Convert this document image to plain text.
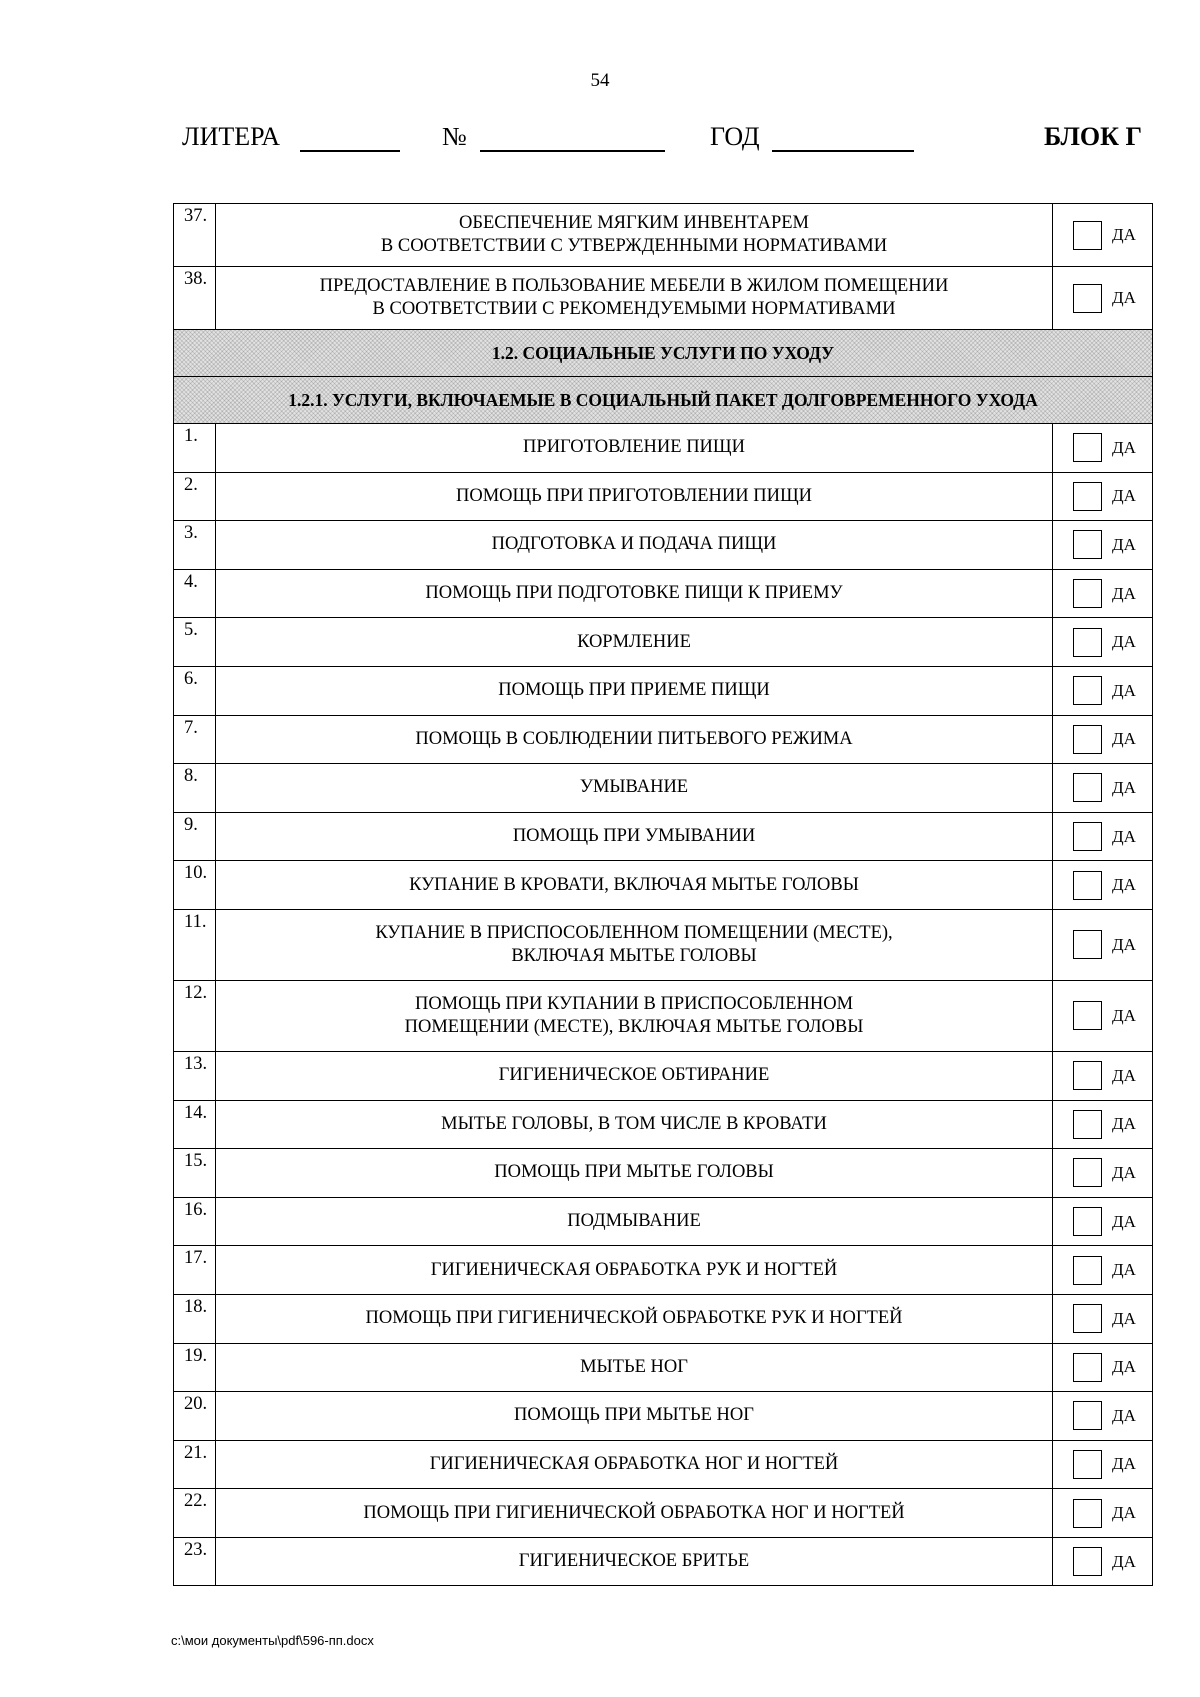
54
ЛИТЕРА	№	ГОД	БЛОК Г
37.	ОБЕСПЕЧЕНИЕ МЯГКИМ ИНВЕНТАРЕМ
В СООТВЕТСТВИИ С УТВЕРЖДЕННЫМИ НОРМАТИВАМИ	ДА

38.	ПРЕДОСТАВЛЕНИЕ В ПОЛЬЗОВАНИЕ МЕБЕЛИ В ЖИЛОМ ПОМЕЩЕНИИ
В СООТВЕТСТВИИ С РЕКОМЕНДУЕМЫМИ НОРМАТИВАМИ	ДА

1.2. СОЦИАЛЬНЫЕ УСЛУГИ ПО УХОДУ		
1.2.1. УСЛУГИ, ВКЛЮЧАЕМЫЕ В СОЦИАЛЬНЫЙ ПАКЕТ ДОЛГОВРЕМЕННОГО УХОДА		
1.	ПРИГОТОВЛЕНИЕ ПИЩИ	ДА

2.	ПОМОЩЬ ПРИ ПРИГОТОВЛЕНИИ ПИЩИ	ДА

3.	ПОДГОТОВКА И ПОДАЧА ПИЩИ	ДА

4.	ПОМОЩЬ ПРИ ПОДГОТОВКЕ ПИЩИ К ПРИЕМУ	ДА

5.	КОРМЛЕНИЕ	ДА

6.	ПОМОЩЬ ПРИ ПРИЕМЕ ПИЩИ	ДА

7.	ПОМОЩЬ В СОБЛЮДЕНИИ ПИТЬЕВОГО РЕЖИМА	ДА

8.	УМЫВАНИЕ	ДА

9.	ПОМОЩЬ ПРИ УМЫВАНИИ	ДА

10.	КУПАНИЕ В КРОВАТИ, ВКЛЮЧАЯ МЫТЬЕ ГОЛОВЫ	ДА

11.	КУПАНИЕ В ПРИСПОСОБЛЕННОМ ПОМЕЩЕНИИ (МЕСТЕ),
ВКЛЮЧАЯ МЫТЬЕ ГОЛОВЫ	ДА

12.	ПОМОЩЬ ПРИ КУПАНИИ В ПРИСПОСОБЛЕННОМ
ПОМЕЩЕНИИ (МЕСТЕ), ВКЛЮЧАЯ МЫТЬЕ ГОЛОВЫ	ДА

13.	ГИГИЕНИЧЕСКОЕ ОБТИРАНИЕ	ДА

14.	МЫТЬЕ ГОЛОВЫ, В ТОМ ЧИСЛЕ В КРОВАТИ	ДА

15.	ПОМОЩЬ ПРИ МЫТЬЕ ГОЛОВЫ	ДА

16.	ПОДМЫВАНИЕ	ДА

17.	ГИГИЕНИЧЕСКАЯ ОБРАБОТКА РУК И НОГТЕЙ	ДА

18.	ПОМОЩЬ ПРИ ГИГИЕНИЧЕСКОЙ ОБРАБОТКЕ РУК И НОГТЕЙ	ДА

19.	МЫТЬЕ НОГ	ДА

20.	ПОМОЩЬ ПРИ МЫТЬЕ НОГ	ДА

21.	ГИГИЕНИЧЕСКАЯ ОБРАБОТКА НОГ И НОГТЕЙ	ДА

22.	ПОМОЩЬ ПРИ ГИГИЕНИЧЕСКОЙ ОБРАБОТКА НОГ И НОГТЕЙ	ДА

23.	ГИГИЕНИЧЕСКОЕ БРИТЬЕ	ДА
c:\мои документы\pdf\596-пп.docx
